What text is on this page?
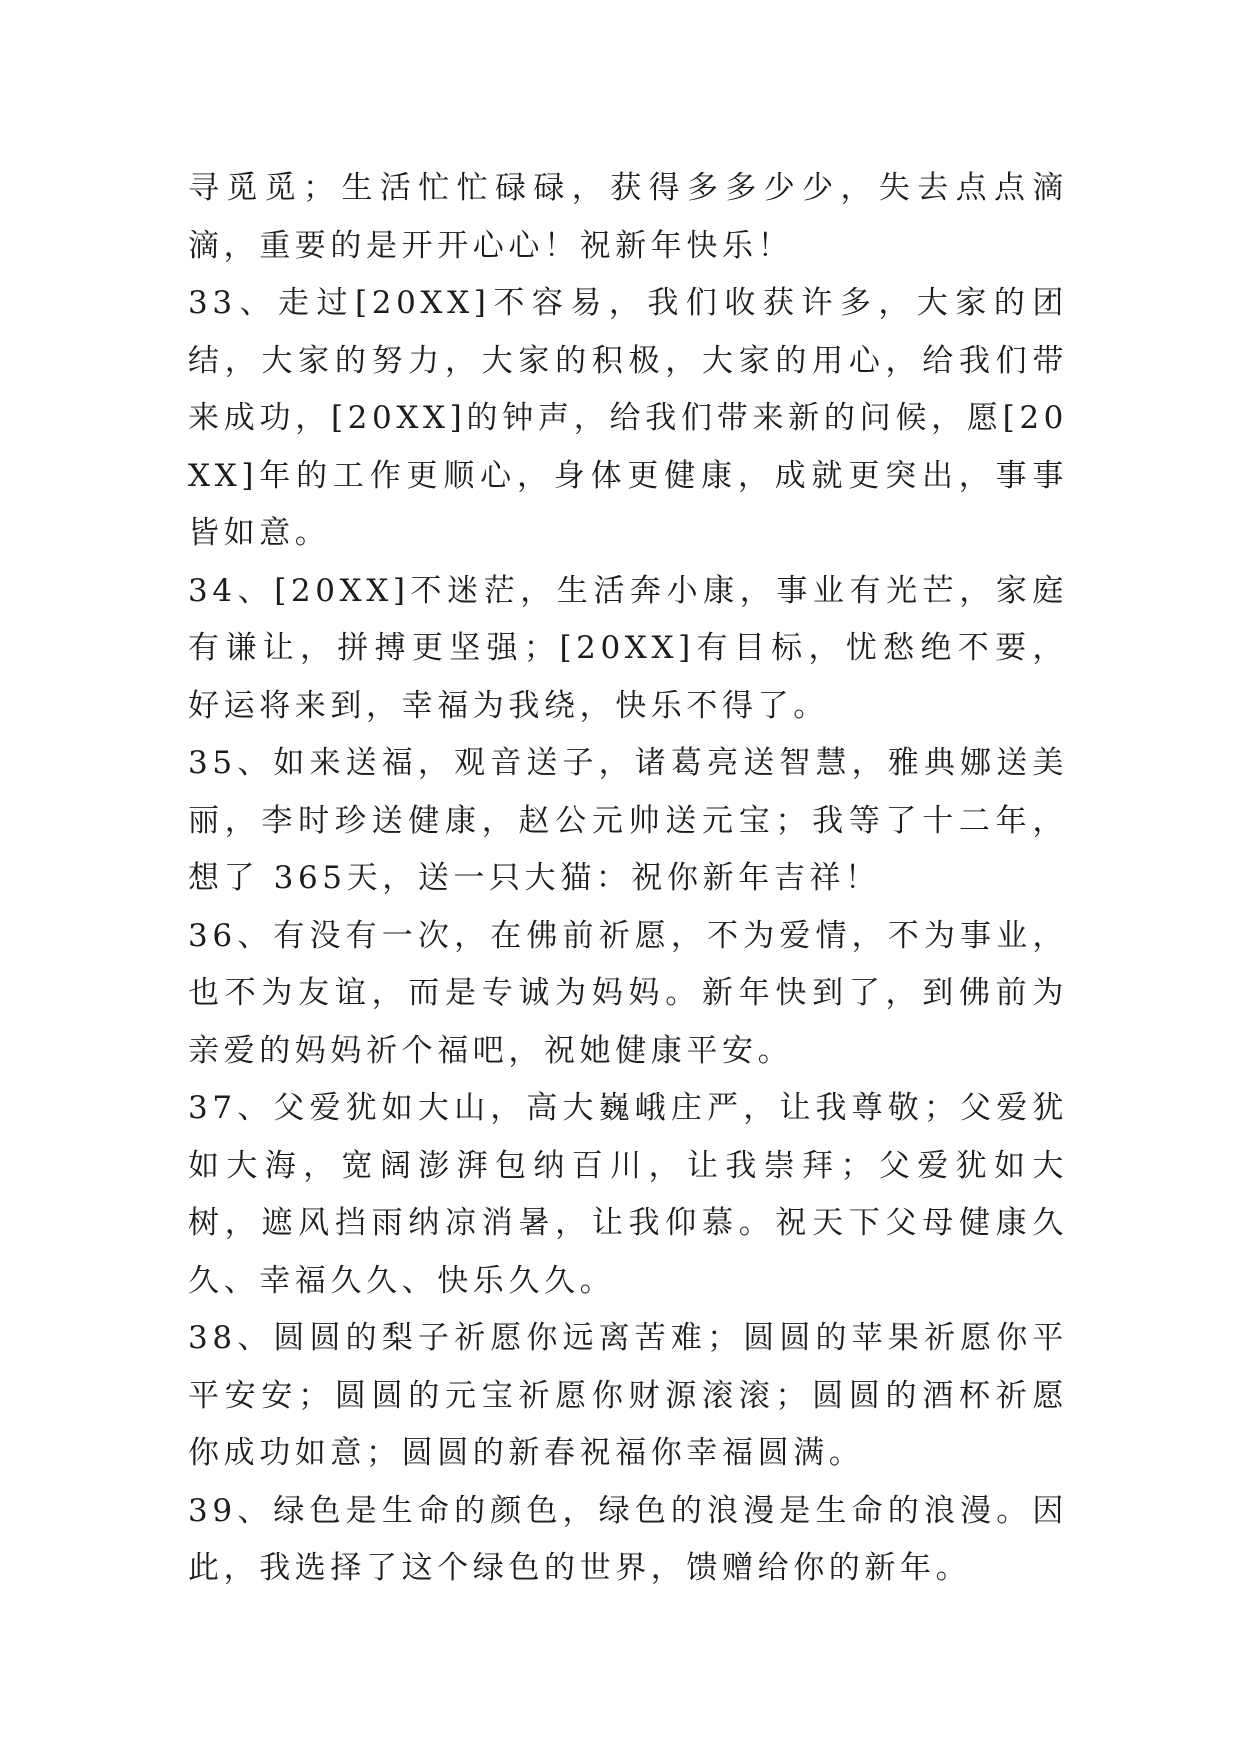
寻觅觅；生活忙忙碌碌，获得多多少少，失去点点滴滴，重要的是开开心心！祝新年快乐！

33、走过[20XX]不容易，我们收获许多，大家的团结，大家的努力，大家的积极，大家的用心，给我们带来成功，[20XX]的钟声，给我们带来新的问候，愿[20XX]年的工作更顺心，身体更健康，成就更突出，事事皆如意。

34、[20XX]不迷茫，生活奔小康，事业有光芒，家庭有谦让，拼搏更坚强；[20XX]有目标，忧愁绝不要，好运将来到，幸福为我绕，快乐不得了。

35、如来送福，观音送子，诸葛亮送智慧，雅典娜送美丽，李时珍送健康，赵公元帅送元宝；我等了十二年，想了 365天，送一只大猫：祝你新年吉祥！

36、有没有一次，在佛前祈愿，不为爱情，不为事业，也不为友谊，而是专诚为妈妈。新年快到了，到佛前为亲爱的妈妈祈个福吧，祝她健康平安。

37、父爱犹如大山，高大巍峨庄严，让我尊敬；父爱犹如大海，宽阔澎湃包纳百川，让我崇拜；父爱犹如大树，遮风挡雨纳凉消暑，让我仰慕。祝天下父母健康久久、幸福久久、快乐久久。

38、圆圆的梨子祈愿你远离苦难；圆圆的苹果祈愿你平平安安；圆圆的元宝祈愿你财源滚滚；圆圆的酒杯祈愿你成功如意；圆圆的新春祝福你幸福圆满。

39、绿色是生命的颜色，绿色的浪漫是生命的浪漫。因此，我选择了这个绿色的世界，馈赠给你的新年。
